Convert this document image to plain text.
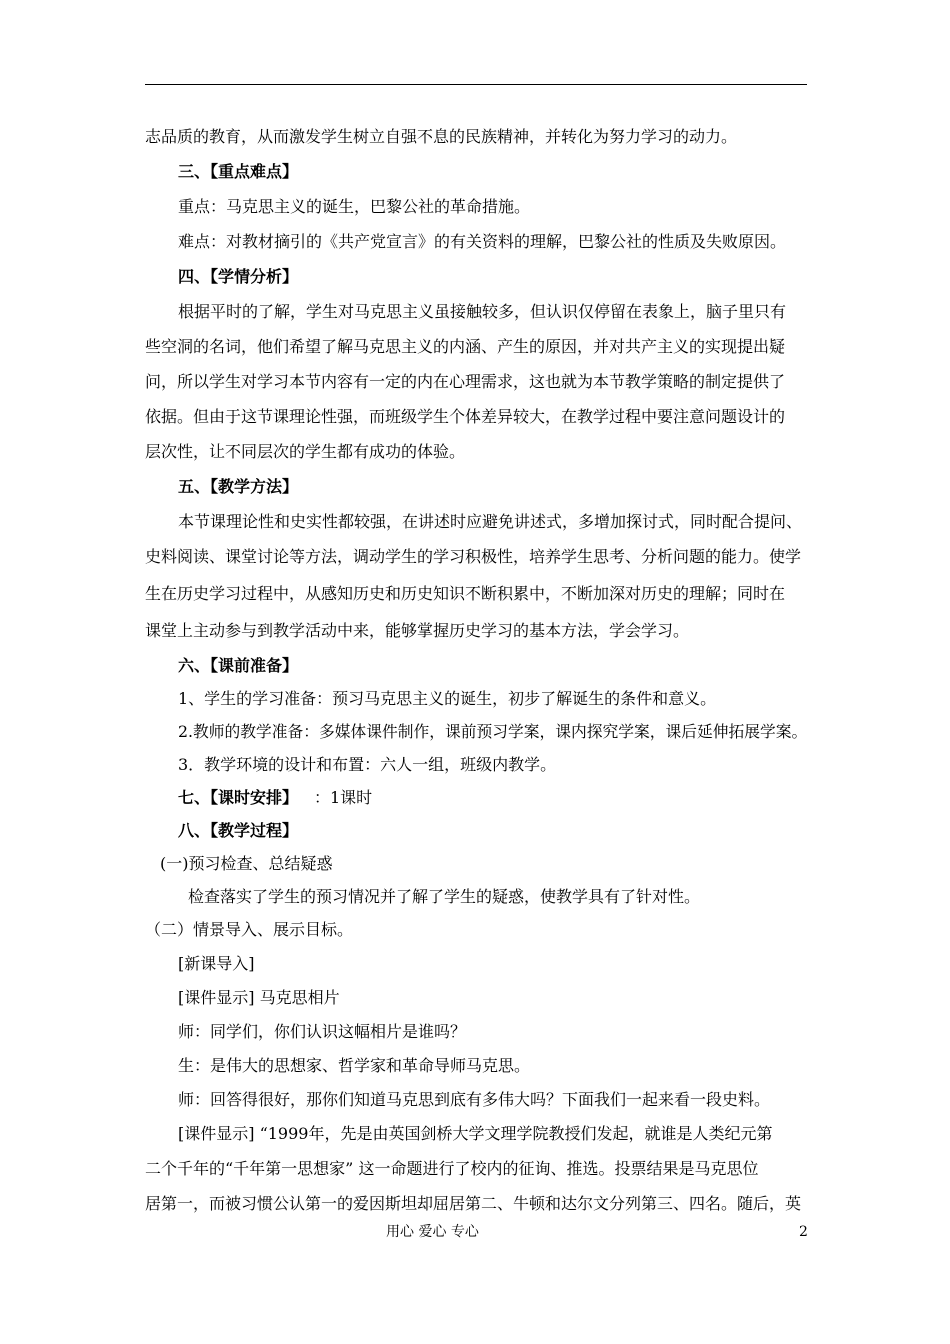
志品质的教育，从而激发学生树立自强不息的民族精神，并转化为努力学习的动力。
三、【重点难点】
重点：马克思主义的诞生，巴黎公社的革命措施。
难点：对教材摘引的《共产党宣言》的有关资料的理解，巴黎公社的性质及失败原因。
四、【学情分析】
根据平时的了解，学生对马克思主义虽接触较多，但认识仅停留在表象上，脑子里只有
些空洞的名词，他们希望了解马克思主义的内涵、产生的原因，并对共产主义的实现提出疑
问，所以学生对学习本节内容有一定的内在心理需求，这也就为本节教学策略的制定提供了
依据。但由于这节课理论性强，而班级学生个体差异较大，在教学过程中要注意问题设计的
层次性，让不同层次的学生都有成功的体验。
五、【教学方法】
本节课理论性和史实性都较强，在讲述时应避免讲述式，多增加探讨式，同时配合提问、
史料阅读、课堂讨论等方法，调动学生的学习积极性，培养学生思考、分析问题的能力。使学
生在历史学习过程中，从感知历史和历史知识不断积累中，不断加深对历史的理解；同时在
课堂上主动参与到教学活动中来，能够掌握历史学习的基本方法，学会学习。
六、【课前准备】
1、学生的学习准备：预习马克思主义的诞生，初步了解诞生的条件和意义。
2.教师的教学准备：多媒体课件制作，课前预习学案，课内探究学案，课后延伸拓展学案。
3．教学环境的设计和布置：六人一组，班级内教学。
七、【课时安排】 ：1课时
八、【教学过程】
(一)预习检查、总结疑惑
检查落实了学生的预习情况并了解了学生的疑惑，使教学具有了针对性。
（二）情景导入、展示目标。
[新课导入]
[课件显示] 马克思相片
师：同学们，你们认识这幅相片是谁吗？
生：是伟大的思想家、哲学家和革命导师马克思。
师：回答得很好，那你们知道马克思到底有多伟大吗？下面我们一起来看一段史料。
[课件显示] “1999年，先是由英国剑桥大学文理学院教授们发起，就谁是人类纪元第
二个千年的“千年第一思想家” 这一命题进行了校内的征询、推选。投票结果是马克思位
居第一，而被习惯公认第一的爱因斯坦却屈居第二、牛顿和达尔文分列第三、四名。随后，英
用心 爱心 专心	2
